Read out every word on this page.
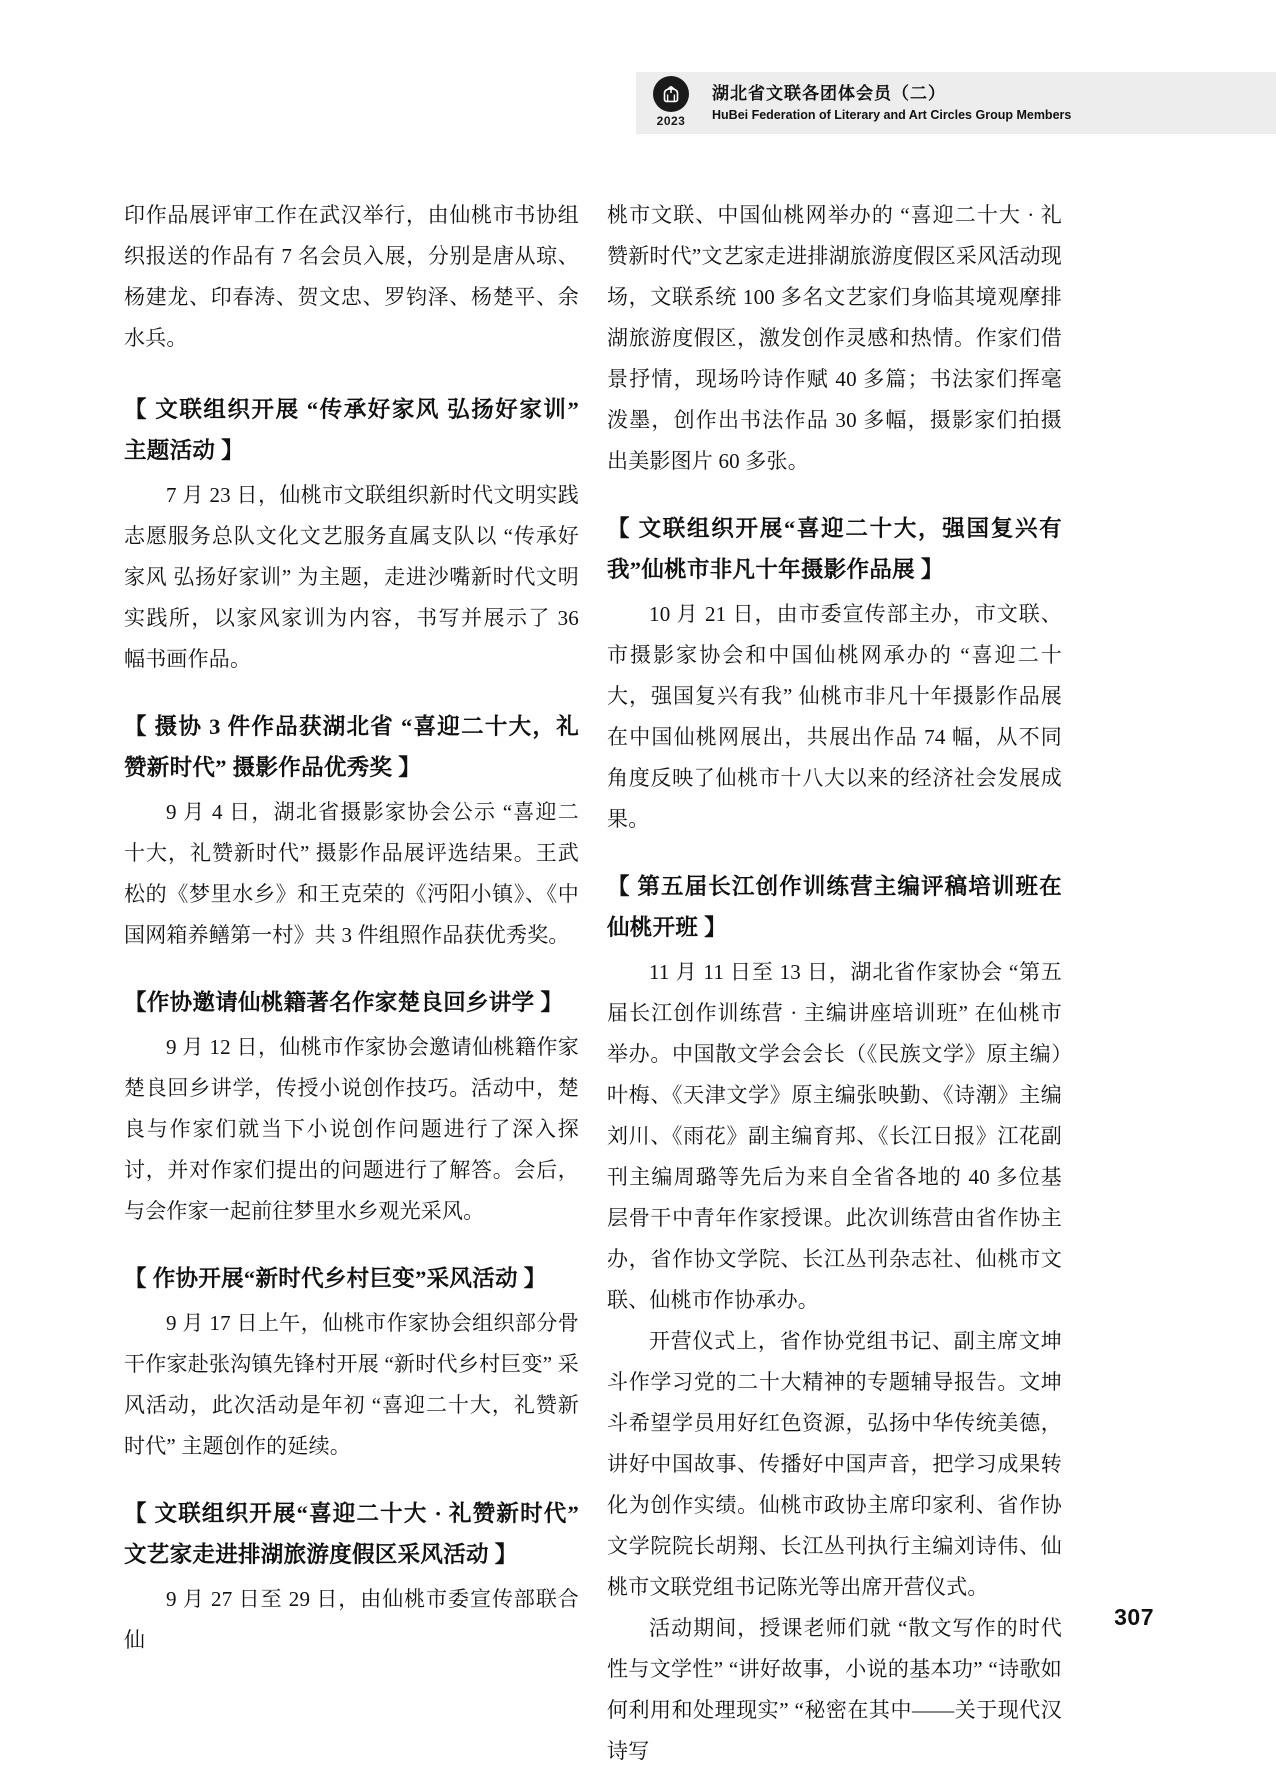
2023
湖北省文联各团体会员（二）
HuBei Federation of Literary and Art Circles Group Members

印作品展评审工作在武汉举行，由仙桃市书协组织报送的作品有 7 名会员入展，分别是唐从琼、杨建龙、印春涛、贺文忠、罗钧泽、杨楚平、余水兵。

【 文联组织开展 “传承好家风 弘扬好家训” 主题活动 】

7 月 23 日，仙桃市文联组织新时代文明实践志愿服务总队文化文艺服务直属支队以 “传承好家风 弘扬好家训” 为主题，走进沙嘴新时代文明实践所，以家风家训为内容，书写并展示了 36 幅书画作品。

【 摄协 3 件作品获湖北省 “喜迎二十大，礼赞新时代” 摄影作品优秀奖 】

9 月 4 日，湖北省摄影家协会公示 “喜迎二十大，礼赞新时代” 摄影作品展评选结果。王武松的《梦里水乡》和王克荣的《沔阳小镇》、《中国网箱养鳝第一村》共 3 件组照作品获优秀奖。

【作协邀请仙桃籍著名作家楚良回乡讲学 】

9 月 12 日，仙桃市作家协会邀请仙桃籍作家楚良回乡讲学，传授小说创作技巧。活动中，楚良与作家们就当下小说创作问题进行了深入探讨，并对作家们提出的问题进行了解答。会后，与会作家一起前往梦里水乡观光采风。

【 作协开展“新时代乡村巨变”采风活动 】

9 月 17 日上午，仙桃市作家协会组织部分骨干作家赴张沟镇先锋村开展 “新时代乡村巨变” 采风活动，此次活动是年初 “喜迎二十大，礼赞新时代” 主题创作的延续。

【 文联组织开展“喜迎二十大 · 礼赞新时代” 文艺家走进排湖旅游度假区采风活动 】

9 月 27 日至 29 日，由仙桃市委宣传部联合仙

桃市文联、中国仙桃网举办的 “喜迎二十大 · 礼赞新时代”文艺家走进排湖旅游度假区采风活动现场，文联系统 100 多名文艺家们身临其境观摩排湖旅游度假区，激发创作灵感和热情。作家们借景抒情，现场吟诗作赋 40 多篇；书法家们挥毫泼墨，创作出书法作品 30 多幅，摄影家们拍摄出美影图片 60 多张。

【 文联组织开展“喜迎二十大，强国复兴有我”仙桃市非凡十年摄影作品展 】

10 月 21 日，由市委宣传部主办，市文联、市摄影家协会和中国仙桃网承办的 “喜迎二十大，强国复兴有我” 仙桃市非凡十年摄影作品展在中国仙桃网展出，共展出作品 74 幅，从不同角度反映了仙桃市十八大以来的经济社会发展成果。

【 第五届长江创作训练营主编评稿培训班在仙桃开班 】

11 月 11 日至 13 日，湖北省作家协会 “第五届长江创作训练营 · 主编讲座培训班” 在仙桃市举办。中国散文学会会长（《民族文学》原主编）叶梅、《天津文学》原主编张映勤、《诗潮》主编刘川、《雨花》副主编育邦、《长江日报》江花副刊主编周璐等先后为来自全省各地的 40 多位基层骨干中青年作家授课。此次训练营由省作协主办，省作协文学院、长江丛刊杂志社、仙桃市文联、仙桃市作协承办。

开营仪式上，省作协党组书记、副主席文坤斗作学习党的二十大精神的专题辅导报告。文坤斗希望学员用好红色资源，弘扬中华传统美德，讲好中国故事、传播好中国声音，把学习成果转化为创作实绩。仙桃市政协主席印家利、省作协文学院院长胡翔、长江丛刊执行主编刘诗伟、仙桃市文联党组书记陈光等出席开营仪式。

活动期间，授课老师们就 “散文写作的时代性与文学性” “讲好故事，小说的基本功” “诗歌如何利用和处理现实” “秘密在其中——关于现代汉诗写

307
